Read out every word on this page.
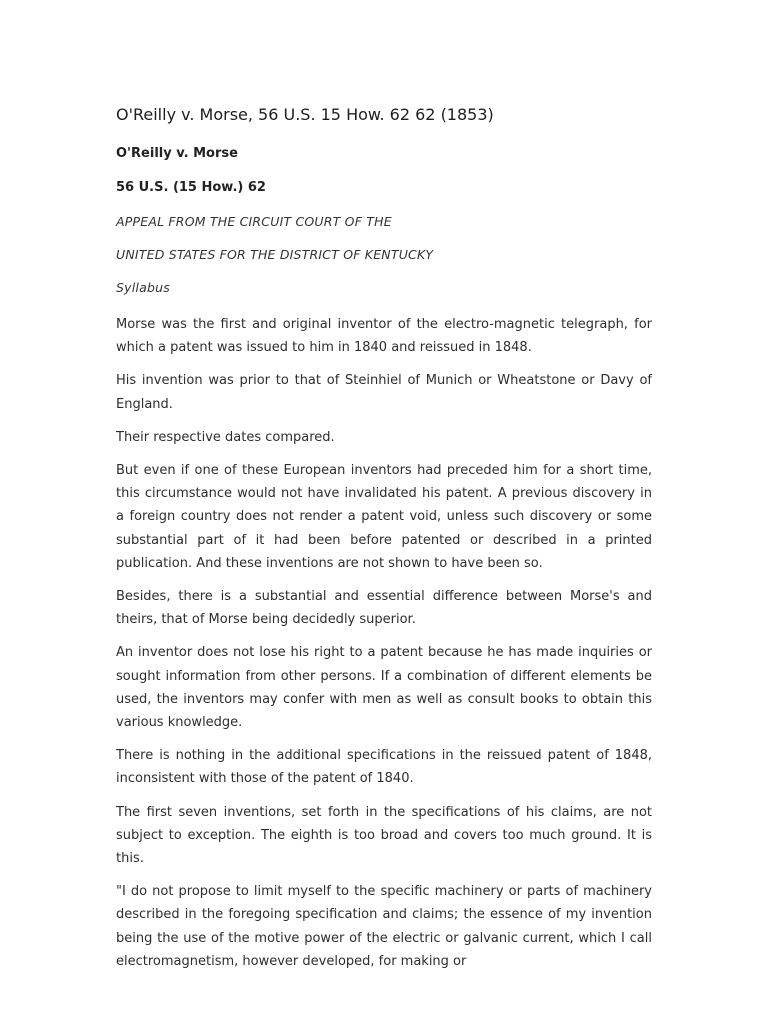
O'Reilly v. Morse, 56 U.S. 15 How. 62 62 (1853)
O'Reilly v. Morse
56 U.S. (15 How.) 62
APPEAL FROM THE CIRCUIT COURT OF THE
UNITED STATES FOR THE DISTRICT OF KENTUCKY
Syllabus

Morse was the first and original inventor of the electro-magnetic telegraph, for which a patent was issued to him in 1840 and reissued in 1848.

His invention was prior to that of Steinhiel of Munich or Wheatstone or Davy of England.

Their respective dates compared.

But even if one of these European inventors had preceded him for a short time, this circumstance would not have invalidated his patent. A previous discovery in a foreign country does not render a patent void, unless such discovery or some substantial part of it had been before patented or described in a printed publication. And these inventions are not shown to have been so.

Besides, there is a substantial and essential difference between Morse's and theirs, that of Morse being decidedly superior.

An inventor does not lose his right to a patent because he has made inquiries or sought information from other persons. If a combination of different elements be used, the inventors may confer with men as well as consult books to obtain this various knowledge.

There is nothing in the additional specifications in the reissued patent of 1848, inconsistent with those of the patent of 1840.

The first seven inventions, set forth in the specifications of his claims, are not subject to exception. The eighth is too broad and covers too much ground. It is this.

"I do not propose to limit myself to the specific machinery or parts of machinery described in the foregoing specification and claims; the essence of my invention being the use of the motive power of the electric or galvanic current, which I call electromagnetism, however developed, for making or
